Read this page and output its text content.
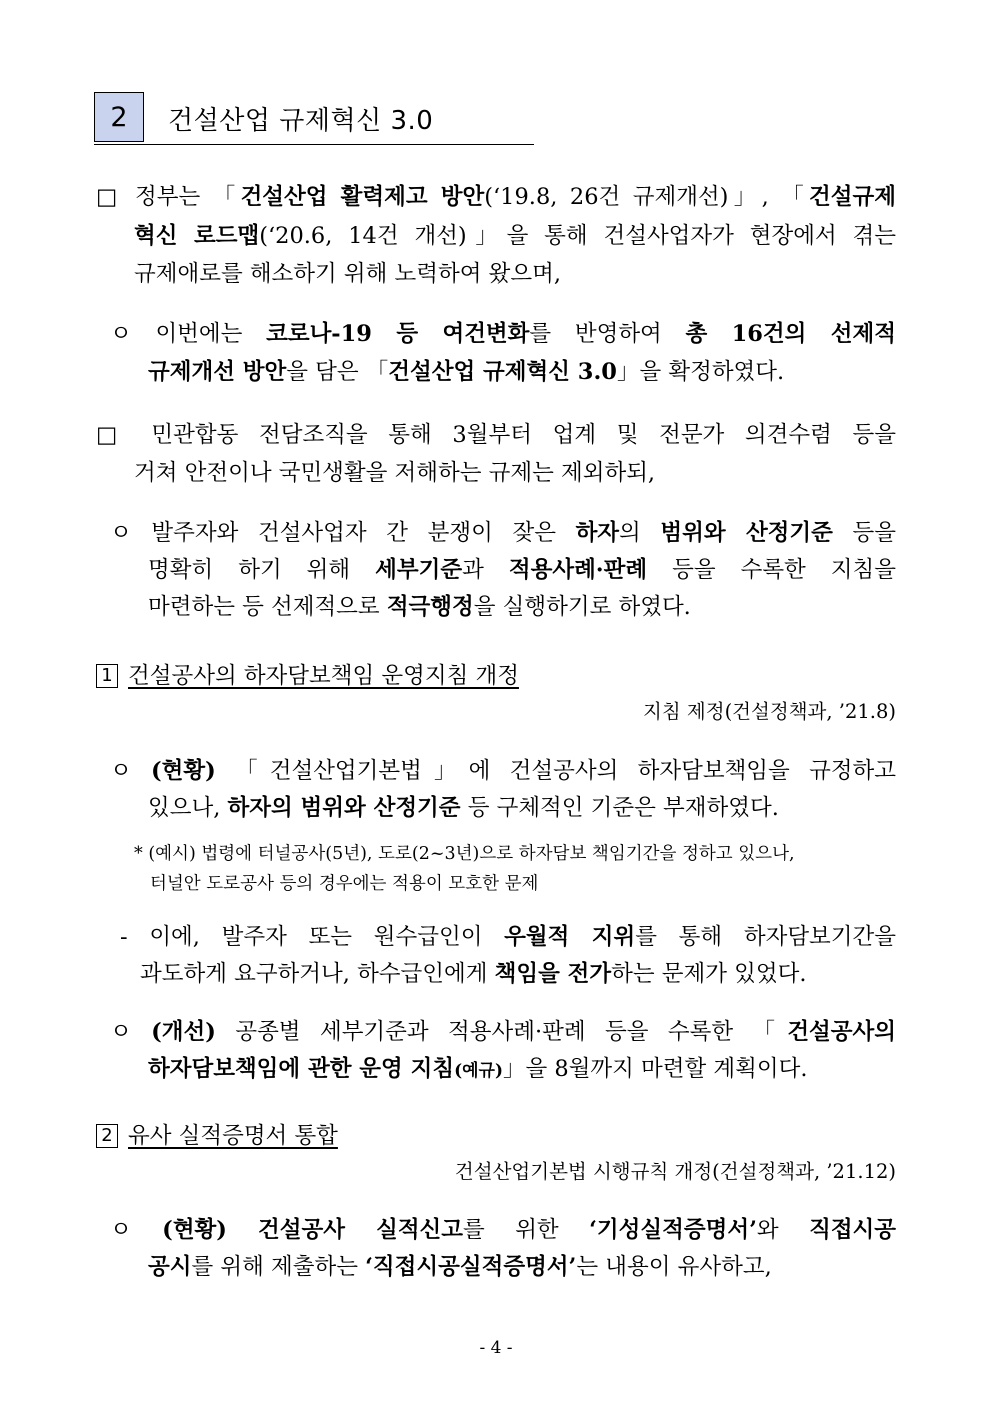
2	건설산업 규제혁신 3.0
□ 정부는 「건설산업 활력제고 방안(‘19.8, 26건 규제개선)」, 「건설규제
혁신 로드맵(‘20.6, 14건 개선)」을 통해 건설사업자가 현장에서 겪는
규제애로를 해소하기 위해 노력하여 왔으며,
ㅇ 이번에는 코로나-19 등 여건변화를 반영하여 총 16건의 선제적
규제개선 방안을 담은 「건설산업 규제혁신 3.0」을 확정하였다.
□ 민관합동 전담조직을 통해 3월부터 업계 및 전문가 의견수렴 등을
거쳐 안전이나 국민생활을 저해하는 규제는 제외하되,
ㅇ 발주자와 건설사업자 간 분쟁이 잦은 하자의 범위와 산정기준 등을
명확히 하기 위해 세부기준과 적용사례·판례 등을 수록한 지침을
마련하는 등 선제적으로 적극행정을 실행하기로 하였다.
1 건설공사의 하자담보책임 운영지침 개정
지침 제정(건설정책과, ’21.8)
ㅇ (현황) 「건설산업기본법」에 건설공사의 하자담보책임을 규정하고
있으나, 하자의 범위와 산정기준 등 구체적인 기준은 부재하였다.
* (예시) 법령에 터널공사(5년), 도로(2~3년)으로 하자담보 책임기간을 정하고 있으나,
터널안 도로공사 등의 경우에는 적용이 모호한 문제
- 이에, 발주자 또는 원수급인이 우월적 지위를 통해 하자담보기간을
과도하게 요구하거나, 하수급인에게 책임을 전가하는 문제가 있었다.
ㅇ (개선) 공종별 세부기준과 적용사례·판례 등을 수록한 「건설공사의
하자담보책임에 관한 운영 지침(예규)」을 8월까지 마련할 계획이다.
2 유사 실적증명서 통합
건설산업기본법 시행규칙 개정(건설정책과, ’21.12)
ㅇ (현황) 건설공사 실적신고를 위한 ‘기성실적증명서’와 직접시공
공시를 위해 제출하는 ‘직접시공실적증명서’는 내용이 유사하고,
- 4 -
